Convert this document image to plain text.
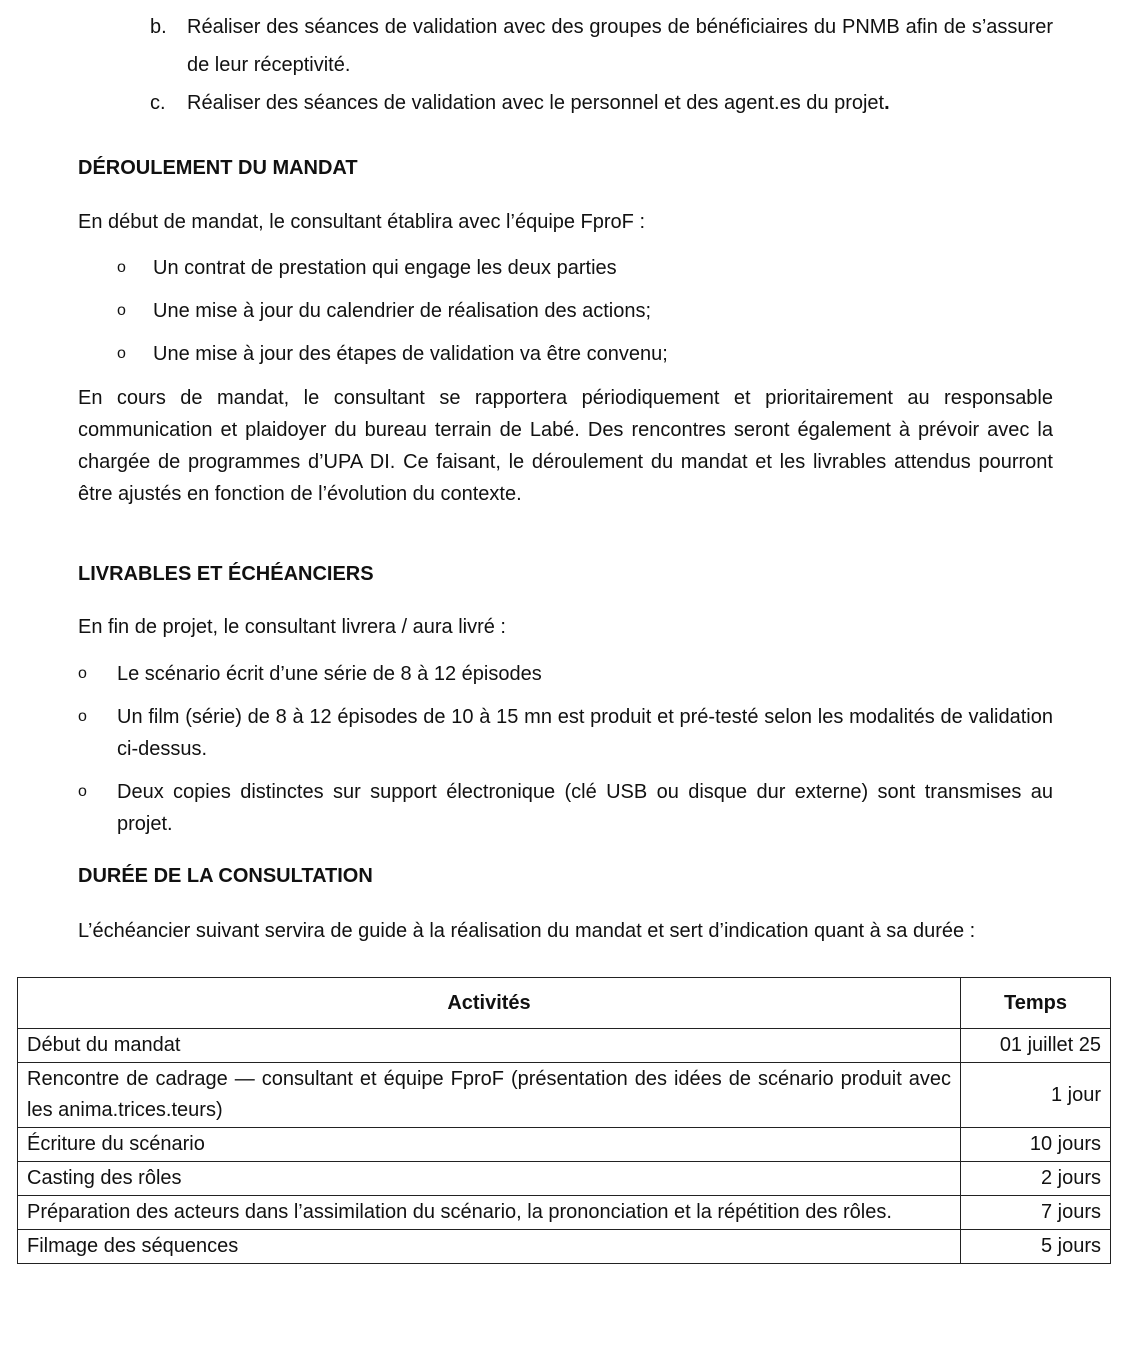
b.	Réaliser des séances de validation avec des groupes de bénéficiaires du PNMB afin de s’assurer de leur réceptivité.
c.	Réaliser des séances de validation avec le personnel et des agent.es du projet.
DÉROULEMENT DU MANDAT

En début de mandat, le consultant établira avec l’équipe FproF :

o	Un contrat de prestation qui engage les deux parties
o	Une mise à jour du calendrier de réalisation des actions;
o	Une mise à jour des étapes de validation va être convenu;

En cours de mandat, le consultant se rapportera périodiquement et prioritairement au responsable communication et plaidoyer du bureau terrain de Labé. Des rencontres seront également à prévoir avec la chargée de programmes d’UPA DI. Ce faisant, le déroulement du mandat et les livrables attendus pourront être ajustés en fonction de l’évolution du contexte.

LIVRABLES ET ÉCHÉANCIERS

En fin de projet, le consultant livrera / aura livré :

o	Le scénario écrit d’une série de 8 à 12 épisodes
o	Un film (série) de 8 à 12 épisodes de 10 à 15 mn est produit et pré-testé selon les modalités de validation ci-dessus.
o	Deux copies distinctes sur support électronique (clé USB ou disque dur externe) sont transmises au projet.
DURÉE DE LA CONSULTATION

L’échéancier suivant servira de guide à la réalisation du mandat et sert d’indication quant à sa durée :

Activités	Temps
Début du mandat	01 juillet 25
Rencontre de cadrage — consultant et équipe FproF (présentation des idées de scénario produit avec les anima.trices.teurs)	1 jour
Écriture du scénario	10 jours
Casting des rôles	2 jours
Préparation des acteurs dans l’assimilation du scénario, la prononciation et la répétition des rôles.	7 jours
Filmage des séquences	5 jours
